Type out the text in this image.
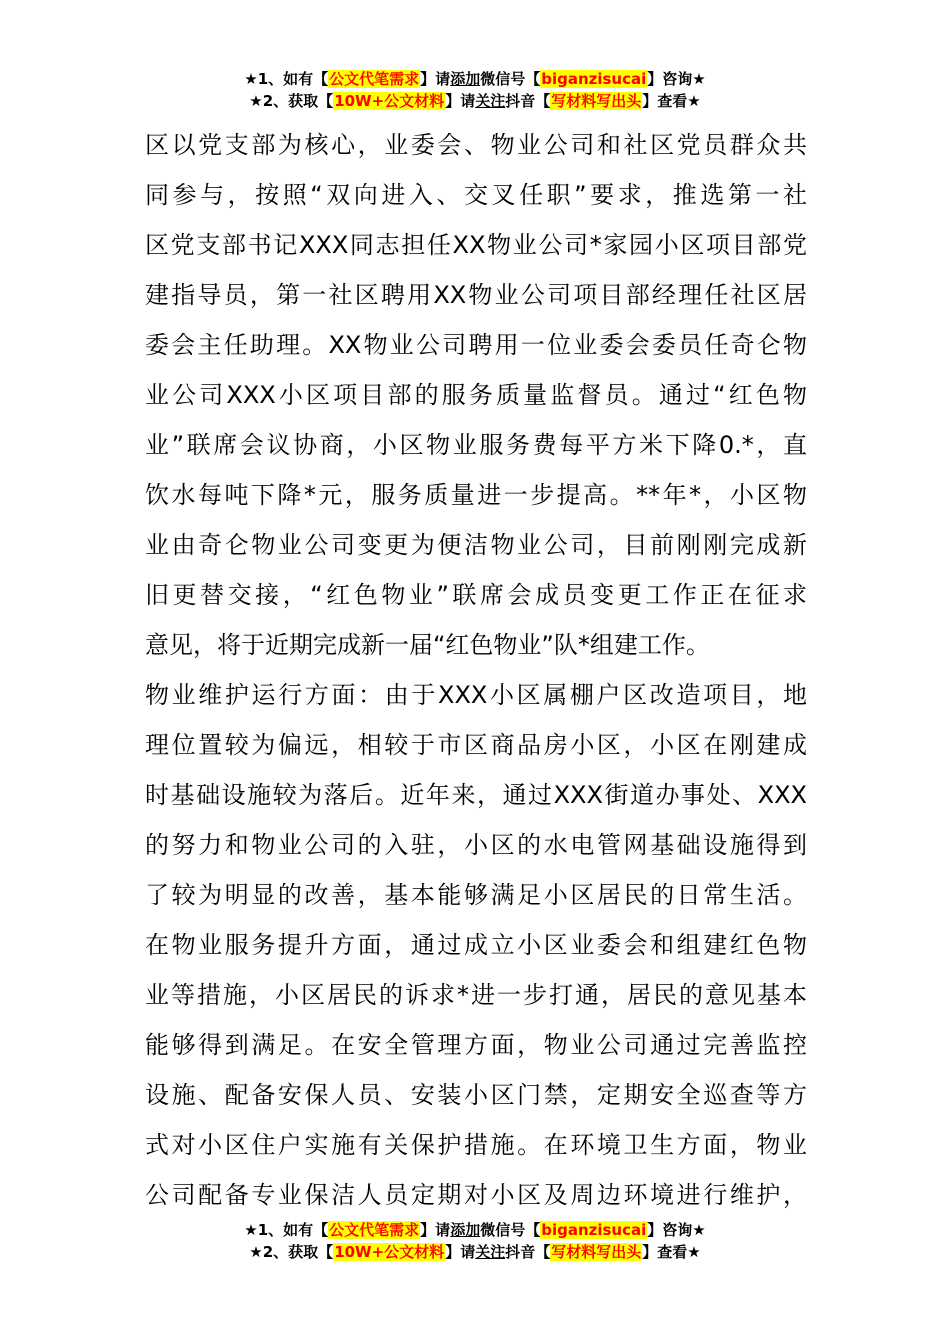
★1、如有【公文代笔需求】请添加微信号【biganzisucai】咨询★
★2、获取【10W+公文材料】请关注抖音【写材料写出头】查看★
区以党支部为核心，业委会、物业公司和社区党员群众共
同参与，按照“双向进入、交叉任职”要求，推选第一社
区党支部书记XXX同志担任XX物业公司*家园小区项目部党
建指导员，第一社区聘用XX物业公司项目部经理任社区居
委会主任助理。XX物业公司聘用一位业委会委员任奇仑物
业公司XXX小区项目部的服务质量监督员。通过“红色物
业”联席会议协商，小区物业服务费每平方米下降0.*，直
饮水每吨下降*元，服务质量进一步提高。**年*，小区物
业由奇仑物业公司变更为便洁物业公司，目前刚刚完成新
旧更替交接，“红色物业”联席会成员变更工作正在征求
意见，将于近期完成新一届“红色物业”队*组建工作。
物业维护运行方面：由于XXX小区属棚户区改造项目，地
理位置较为偏远，相较于市区商品房小区，小区在刚建成
时基础设施较为落后。近年来，通过XXX街道办事处、XXX
的努力和物业公司的入驻，小区的水电管网基础设施得到
了较为明显的改善，基本能够满足小区居民的日常生活。
在物业服务提升方面，通过成立小区业委会和组建红色物
业等措施，小区居民的诉求*进一步打通，居民的意见基本
能够得到满足。在安全管理方面，物业公司通过完善监控
设施、配备安保人员、安装小区门禁，定期安全巡查等方
式对小区住户实施有关保护措施。在环境卫生方面，物业
公司配备专业保洁人员定期对小区及周边环境进行维护，
★1、如有【公文代笔需求】请添加微信号【biganzisucai】咨询★
★2、获取【10W+公文材料】请关注抖音【写材料写出头】查看★
